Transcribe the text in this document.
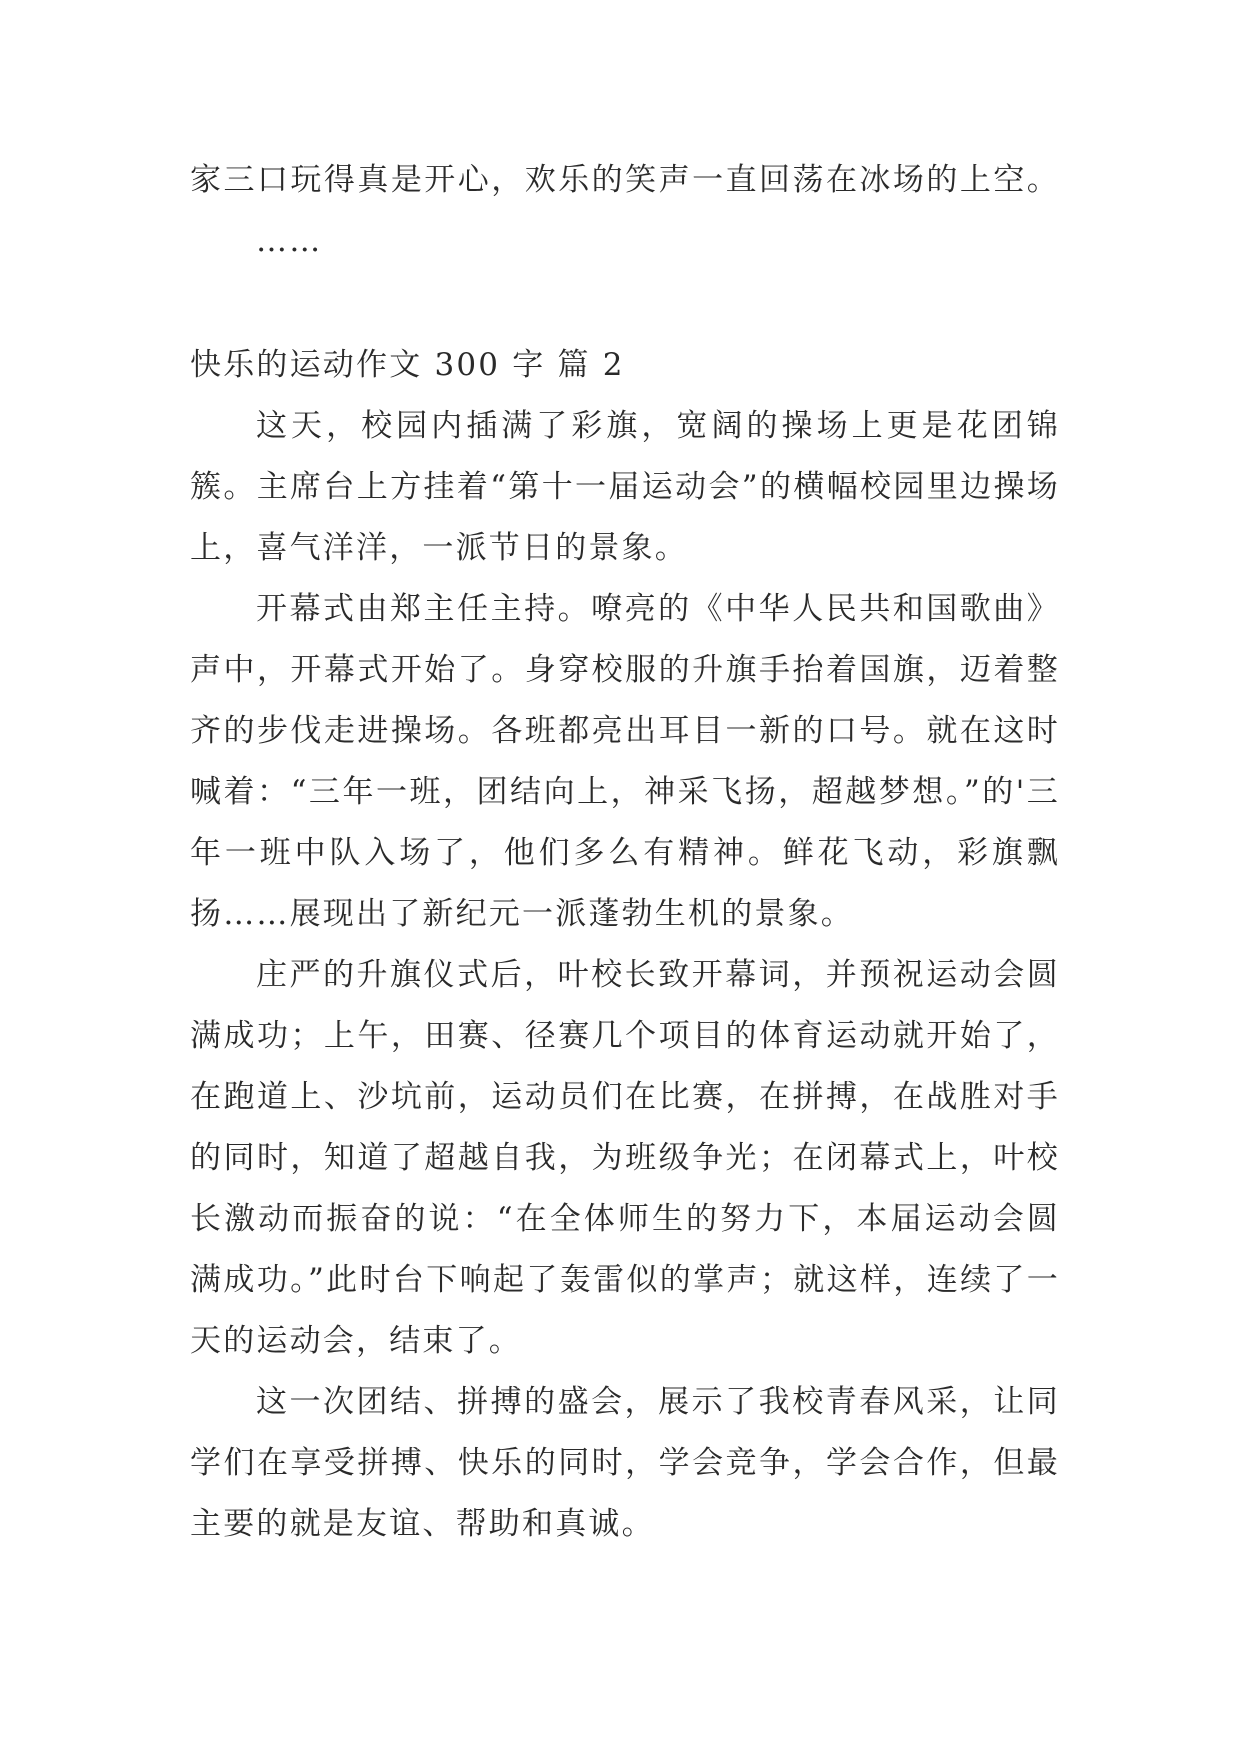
家三口玩得真是开心，欢乐的笑声一直回荡在冰场的上空。

……

快乐的运动作文 300 字 篇 2

这天，校园内插满了彩旗，宽阔的操场上更是花团锦簇。主席台上方挂着“第十一届运动会”的横幅校园里边操场上，喜气洋洋，一派节日的景象。

开幕式由郑主任主持。嘹亮的《中华人民共和国歌曲》声中，开幕式开始了。身穿校服的升旗手抬着国旗，迈着整齐的步伐走进操场。各班都亮出耳目一新的口号。就在这时喊着：“三年一班，团结向上，神采飞扬，超越梦想。”的'三年一班中队入场了，他们多么有精神。鲜花飞动，彩旗飘扬……展现出了新纪元一派蓬勃生机的景象。

庄严的升旗仪式后，叶校长致开幕词，并预祝运动会圆满成功；上午，田赛、径赛几个项目的体育运动就开始了，在跑道上、沙坑前，运动员们在比赛，在拼搏，在战胜对手的同时，知道了超越自我，为班级争光；在闭幕式上，叶校长激动而振奋的说：“在全体师生的努力下，本届运动会圆满成功。”此时台下响起了轰雷似的掌声；就这样，连续了一天的运动会，结束了。

这一次团结、拼搏的盛会，展示了我校青春风采，让同学们在享受拼搏、快乐的同时，学会竞争，学会合作，但最主要的就是友谊、帮助和真诚。
